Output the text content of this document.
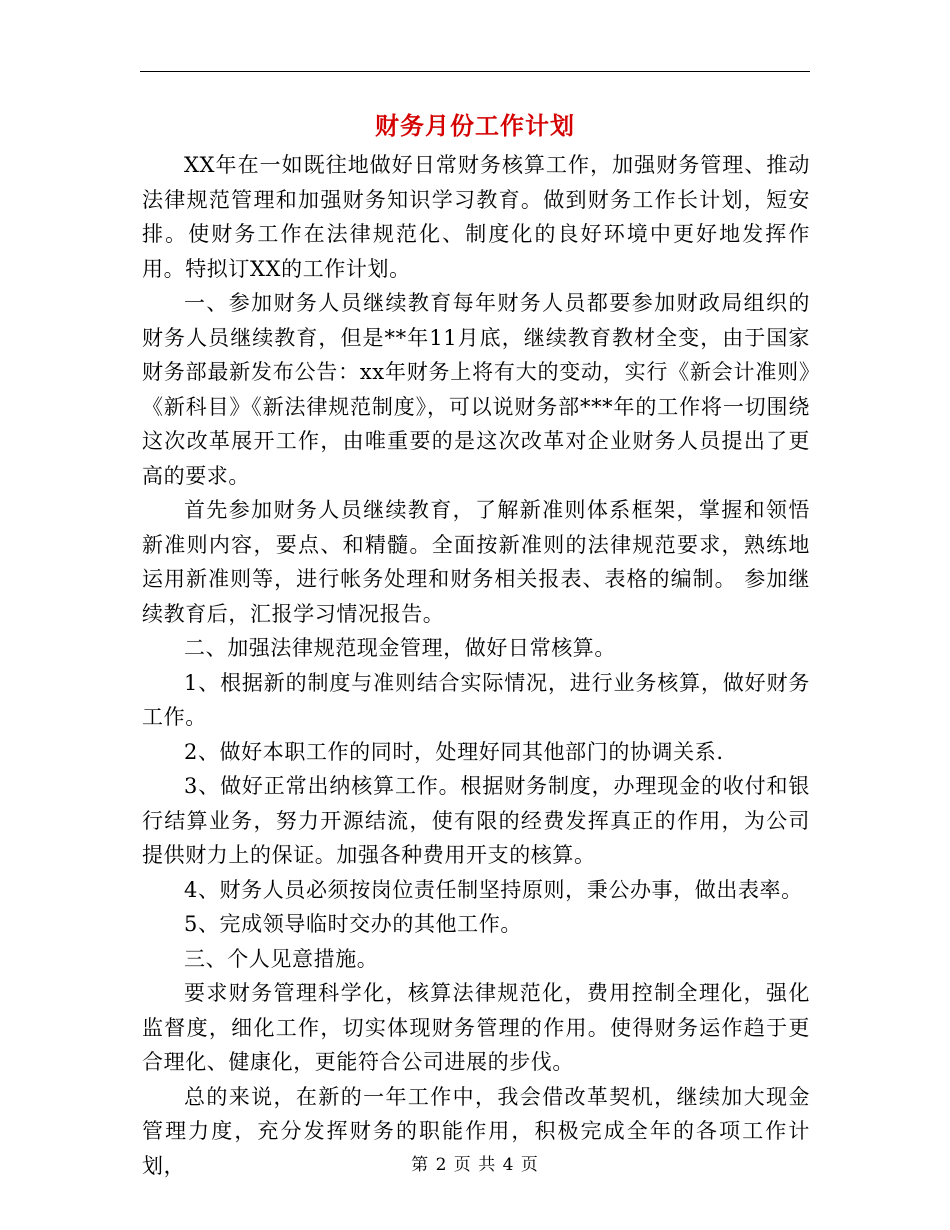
财务月份工作计划

XX年在一如既往地做好日常财务核算工作，加强财务管理、推动法律规范管理和加强财务知识学习教育。做到财务工作长计划，短安排。使财务工作在法律规范化、制度化的良好环境中更好地发挥作用。特拟订XX的工作计划。

一、参加财务人员继续教育每年财务人员都要参加财政局组织的财务人员继续教育，但是**年11月底，继续教育教材全变，由于国家财务部最新发布公告：xx年财务上将有大的变动，实行《新会计准则》《新科目》《新法律规范制度》，可以说财务部***年的工作将一切围绕这次改革展开工作，由唯重要的是这次改革对企业财务人员提出了更高的要求。

首先参加财务人员继续教育，了解新准则体系框架，掌握和领悟新准则内容，要点、和精髓。全面按新准则的法律规范要求，熟练地运用新准则等，进行帐务处理和财务相关报表、表格的编制。 参加继续教育后，汇报学习情况报告。

二、加强法律规范现金管理，做好日常核算。

1、根据新的制度与准则结合实际情况，进行业务核算，做好财务工作。

2、做好本职工作的同时，处理好同其他部门的协调关系.

3、做好正常出纳核算工作。根据财务制度，办理现金的收付和银行结算业务，努力开源结流，使有限的经费发挥真正的作用，为公司提供财力上的保证。加强各种费用开支的核算。

4、财务人员必须按岗位责任制坚持原则，秉公办事，做出表率。

5、完成领导临时交办的其他工作。

三、个人见意措施。

要求财务管理科学化，核算法律规范化，费用控制全理化，强化监督度，细化工作，切实体现财务管理的作用。使得财务运作趋于更合理化、健康化，更能符合公司进展的步伐。

总的来说，在新的一年工作中，我会借改革契机，继续加大现金管理力度，充分发挥财务的职能作用，积极完成全年的各项工作计划，	第 2 页 共 4 页
